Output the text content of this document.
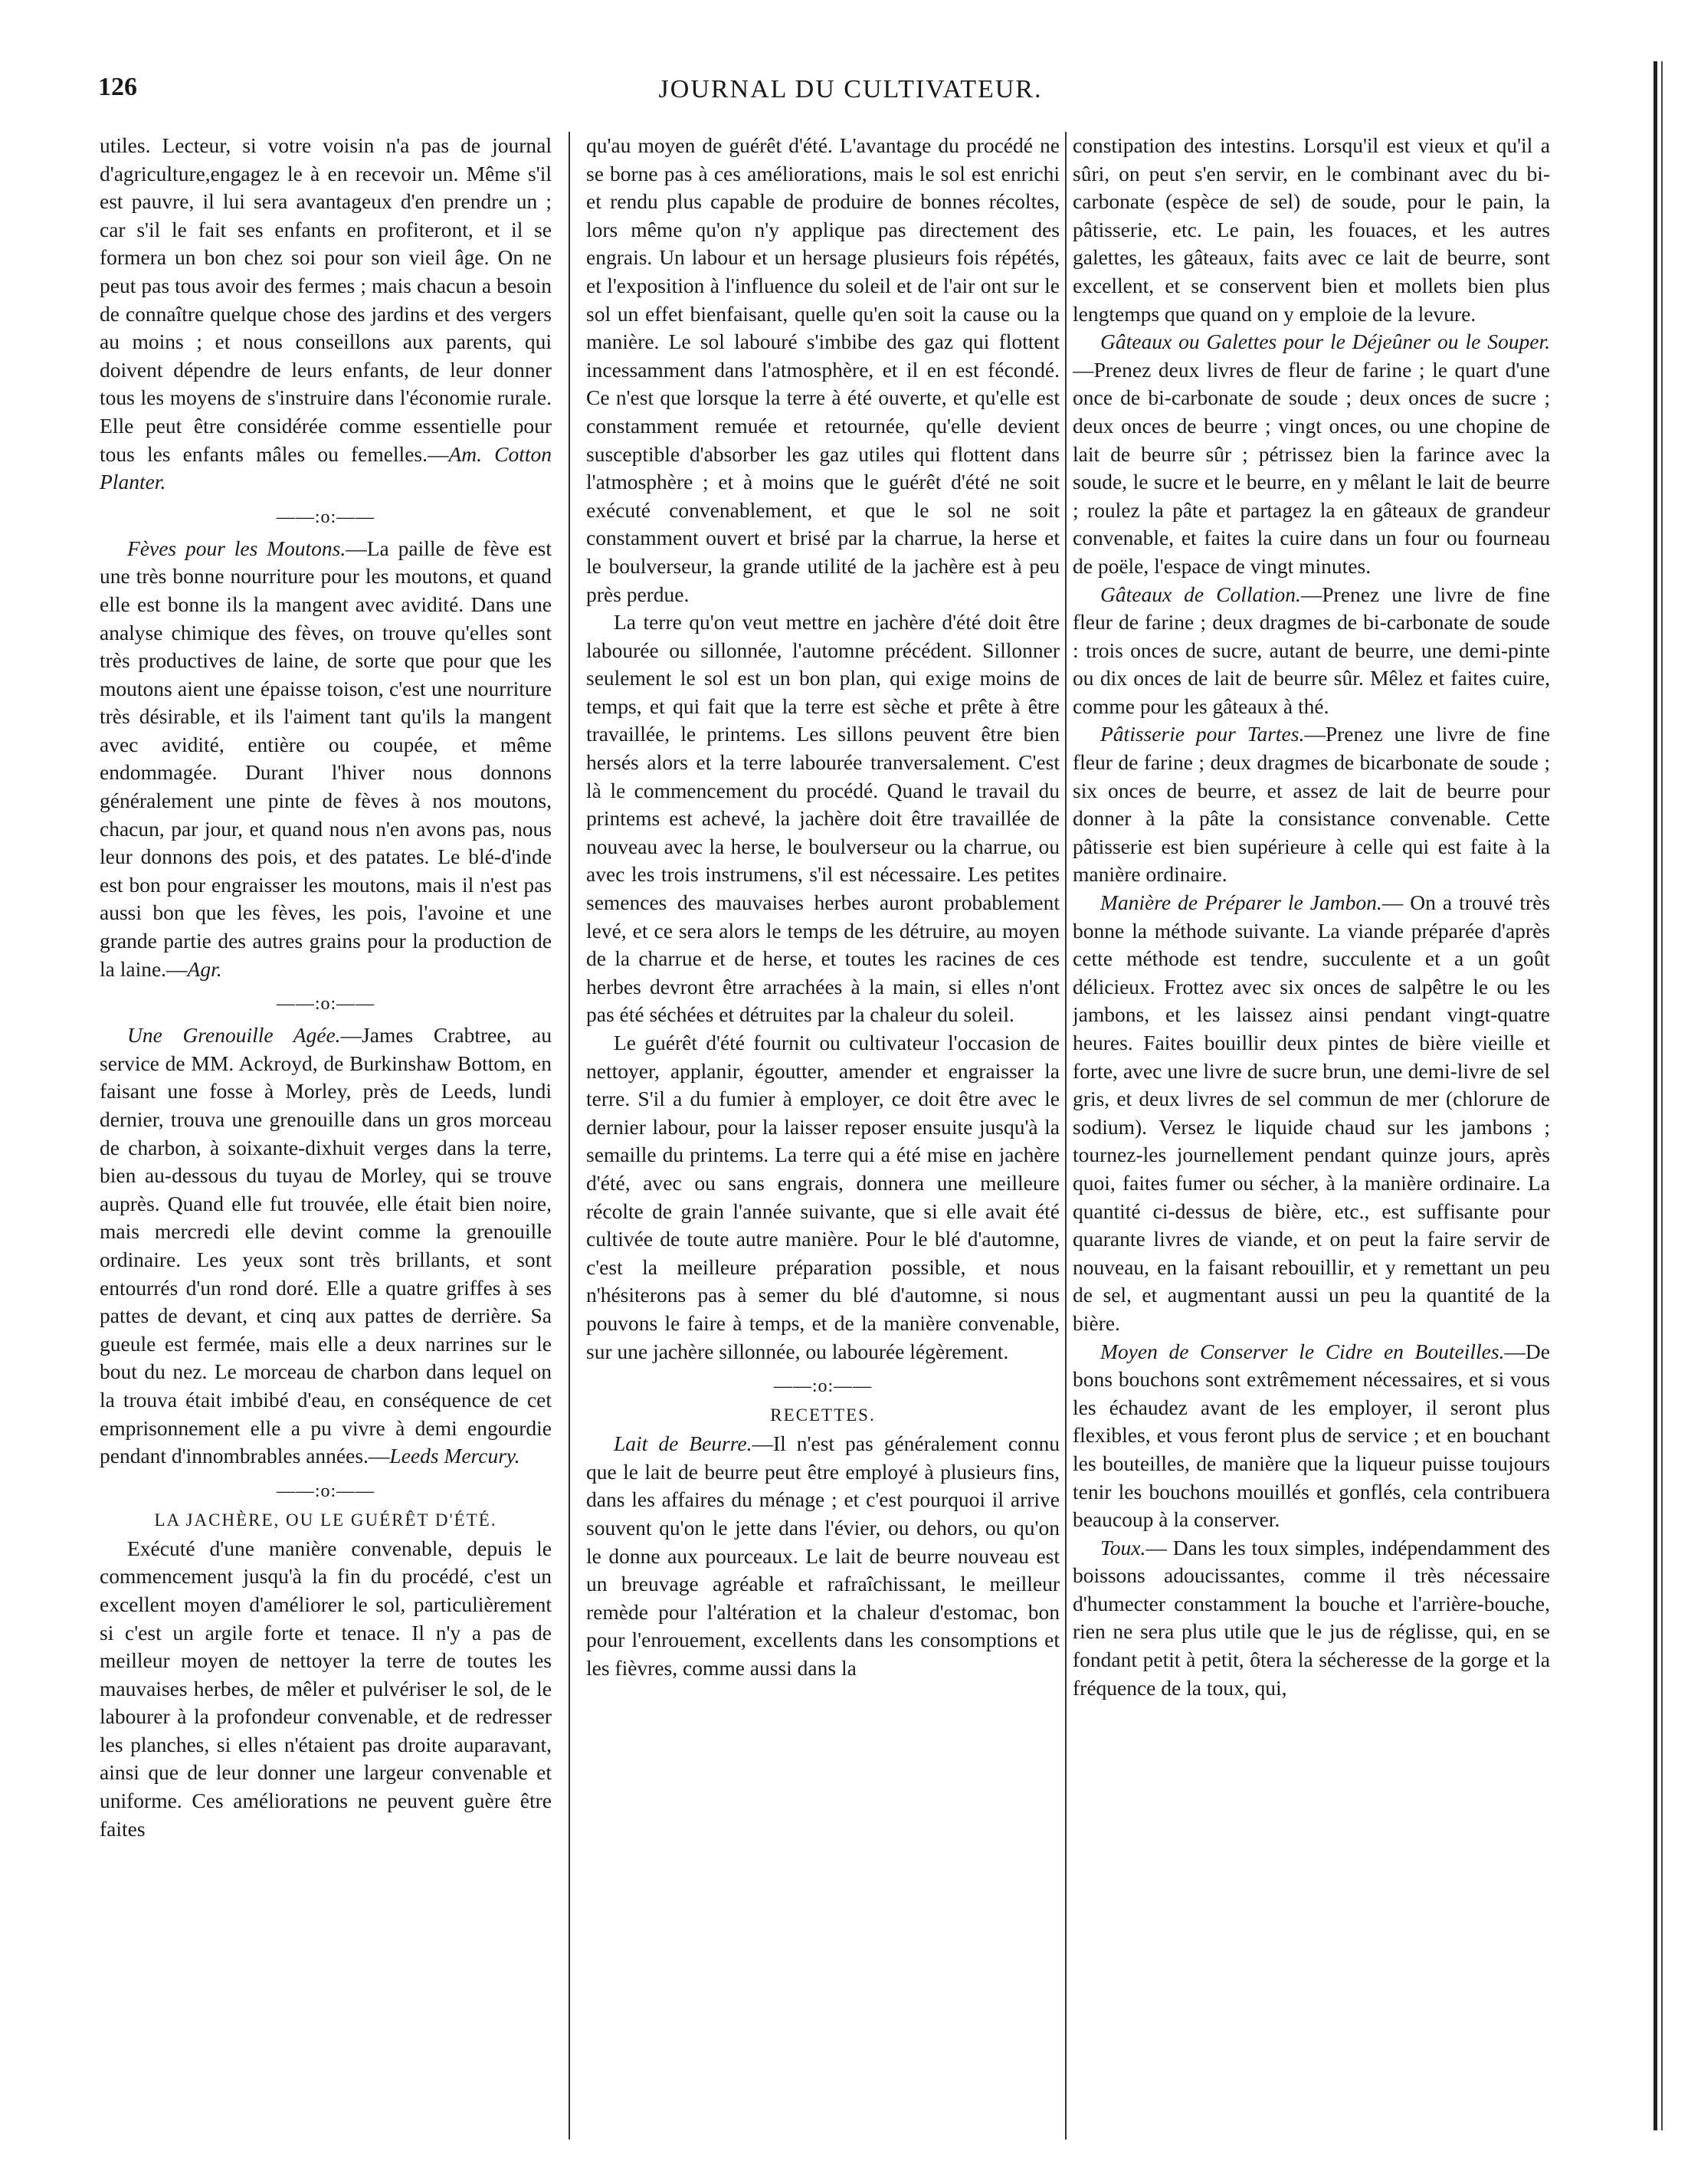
126	JOURNAL DU CULTIVATEUR.

utiles. Lecteur, si votre voisin n'a pas de journal d'agriculture,engagez le à en recevoir un. Même s'il est pauvre, il lui sera avantageux d'en prendre un ; car s'il le fait ses enfants en profiteront, et il se formera un bon chez soi pour son vieil âge. On ne peut pas tous avoir des fermes ; mais chacun a besoin de connaître quelque chose des jardins et des vergers au moins ; et nous conseillons aux parents, qui doivent dépendre de leurs enfants, de leur donner tous les moyens de s'instruire dans l'économie rurale. Elle peut être considérée comme essentielle pour tous les enfants mâles ou femelles.—Am. Cotton Planter.

——:o:——

Fèves pour les Moutons.—La paille de fève est une très bonne nourriture pour les moutons, et quand elle est bonne ils la mangent avec avidité. Dans une analyse chimique des fèves, on trouve qu'elles sont très productives de laine, de sorte que pour que les moutons aient une épaisse toison, c'est une nourriture très désirable, et ils l'aiment tant qu'ils la mangent avec avidité, entière ou coupée, et même endommagée. Durant l'hiver nous donnons généralement une pinte de fèves à nos moutons, chacun, par jour, et quand nous n'en avons pas, nous leur donnons des pois, et des patates. Le blé-d'inde est bon pour engraisser les moutons, mais il n'est pas aussi bon que les fèves, les pois, l'avoine et une grande partie des autres grains pour la production de la laine.—Agr.

——:o:——

Une Grenouille Agée.—James Crabtree, au service de MM. Ackroyd, de Burkinshaw Bottom, en faisant une fosse à Morley, près de Leeds, lundi dernier, trouva une grenouille dans un gros morceau de charbon, à soixante-dixhuit verges dans la terre, bien au-dessous du tuyau de Morley, qui se trouve auprès. Quand elle fut trouvée, elle était bien noire, mais mercredi elle devint comme la grenouille ordinaire. Les yeux sont très brillants, et sont entourrés d'un rond doré. Elle a quatre griffes à ses pattes de devant, et cinq aux pattes de derrière. Sa gueule est fermée, mais elle a deux narrines sur le bout du nez. Le morceau de charbon dans lequel on la trouva était imbibé d'eau, en conséquence de cet emprisonnement elle a pu vivre à demi engourdie pendant d'innombrables années.—Leeds Mercury.

——:o:——
LA JACHÈRE, OU LE GUÉRÊT D'ÉTÉ.

Exécuté d'une manière convenable, depuis le commencement jusqu'à la fin du procédé, c'est un excellent moyen d'améliorer le sol, particulièrement si c'est un argile forte et tenace. Il n'y a pas de meilleur moyen de nettoyer la terre de toutes les mauvaises herbes, de mêler et pulvériser le sol, de le labourer à la profondeur convenable, et de redresser les planches, si elles n'étaient pas droite auparavant, ainsi que de leur donner une largeur convenable et uniforme. Ces améliorations ne peuvent guère être faites

qu'au moyen de guérêt d'été. L'avantage du procédé ne se borne pas à ces améliorations, mais le sol est enrichi et rendu plus capable de produire de bonnes récoltes, lors même qu'on n'y applique pas directement des engrais. Un labour et un hersage plusieurs fois répétés, et l'exposition à l'influence du soleil et de l'air ont sur le sol un effet bienfaisant, quelle qu'en soit la cause ou la manière. Le sol labouré s'imbibe des gaz qui flottent incessamment dans l'atmosphère, et il en est fécondé. Ce n'est que lorsque la terre à été ouverte, et qu'elle est constamment remuée et retournée, qu'elle devient susceptible d'absorber les gaz utiles qui flottent dans l'atmosphère ; et à moins que le guérêt d'été ne soit exécuté convenablement, et que le sol ne soit constamment ouvert et brisé par la charrue, la herse et le boulverseur, la grande utilité de la jachère est à peu près perdue.

La terre qu'on veut mettre en jachère d'été doit être labourée ou sillonnée, l'automne précédent. Sillonner seulement le sol est un bon plan, qui exige moins de temps, et qui fait que la terre est sèche et prête à être travaillée, le printems. Les sillons peuvent être bien hersés alors et la terre labourée tranversalement. C'est là le commencement du procédé. Quand le travail du printems est achevé, la jachère doit être travaillée de nouveau avec la herse, le boulverseur ou la charrue, ou avec les trois instrumens, s'il est nécessaire. Les petites semences des mauvaises herbes auront probablement levé, et ce sera alors le temps de les détruire, au moyen de la charrue et de herse, et toutes les racines de ces herbes devront être arrachées à la main, si elles n'ont pas été séchées et détruites par la chaleur du soleil.

Le guérêt d'été fournit ou cultivateur l'occasion de nettoyer, applanir, égoutter, amender et engraisser la terre. S'il a du fumier à employer, ce doit être avec le dernier labour, pour la laisser reposer ensuite jusqu'à la semaille du printems. La terre qui a été mise en jachère d'été, avec ou sans engrais, donnera une meilleure récolte de grain l'année suivante, que si elle avait été cultivée de toute autre manière. Pour le blé d'automne, c'est la meilleure préparation possible, et nous n'hésiterons pas à semer du blé d'automne, si nous pouvons le faire à temps, et de la manière convenable, sur une jachère sillonnée, ou labourée légèrement.

——:o:——
RECETTES.

Lait de Beurre.—Il n'est pas généralement connu que le lait de beurre peut être employé à plusieurs fins, dans les affaires du ménage ; et c'est pourquoi il arrive souvent qu'on le jette dans l'évier, ou dehors, ou qu'on le donne aux pourceaux. Le lait de beurre nouveau est un breuvage agréable et rafraîchissant, le meilleur remède pour l'altération et la chaleur d'estomac, bon pour l'enrouement, excellents dans les consomptions et les fièvres, comme aussi dans la

constipation des intestins. Lorsqu'il est vieux et qu'il a sûri, on peut s'en servir, en le combinant avec du bi-carbonate (espèce de sel) de soude, pour le pain, la pâtisserie, etc. Le pain, les fouaces, et les autres galettes, les gâteaux, faits avec ce lait de beurre, sont excellent, et se conservent bien et mollets bien plus lengtemps que quand on y emploie de la levure.

Gâteaux ou Galettes pour le Déjeûner ou le Souper.—Prenez deux livres de fleur de farine ; le quart d'une once de bi-carbonate de soude ; deux onces de sucre ; deux onces de beurre ; vingt onces, ou une chopine de lait de beurre sûr ; pétrissez bien la farince avec la soude, le sucre et le beurre, en y mêlant le lait de beurre ; roulez la pâte et partagez la en gâteaux de grandeur convenable, et faites la cuire dans un four ou fourneau de poële, l'espace de vingt minutes.

Gâteaux de Collation.—Prenez une livre de fine fleur de farine ; deux dragmes de bi-carbonate de soude : trois onces de sucre, autant de beurre, une demi-pinte ou dix onces de lait de beurre sûr. Mêlez et faites cuire, comme pour les gâteaux à thé.

Pâtisserie pour Tartes.—Prenez une livre de fine fleur de farine ; deux dragmes de bicarbonate de soude ; six onces de beurre, et assez de lait de beurre pour donner à la pâte la consistance convenable. Cette pâtisserie est bien supérieure à celle qui est faite à la manière ordinaire.

Manière de Préparer le Jambon.— On a trouvé très bonne la méthode suivante. La viande préparée d'après cette méthode est tendre, succulente et a un goût délicieux. Frottez avec six onces de salpêtre le ou les jambons, et les laissez ainsi pendant vingt-quatre heures. Faites bouillir deux pintes de bière vieille et forte, avec une livre de sucre brun, une demi-livre de sel gris, et deux livres de sel commun de mer (chlorure de sodium). Versez le liquide chaud sur les jambons ; tournez-les journellement pendant quinze jours, après quoi, faites fumer ou sécher, à la manière ordinaire. La quantité ci-dessus de bière, etc., est suffisante pour quarante livres de viande, et on peut la faire servir de nouveau, en la faisant rebouillir, et y remettant un peu de sel, et augmentant aussi un peu la quantité de la bière.

Moyen de Conserver le Cidre en Bouteilles.—De bons bouchons sont extrêmement nécessaires, et si vous les échaudez avant de les employer, il seront plus flexibles, et vous feront plus de service ; et en bouchant les bouteilles, de manière que la liqueur puisse toujours tenir les bouchons mouillés et gonflés, cela contribuera beaucoup à la conserver.

Toux.— Dans les toux simples, indépendamment des boissons adoucissantes, comme il très nécessaire d'humecter constamment la bouche et l'arrière-bouche, rien ne sera plus utile que le jus de réglisse, qui, en se fondant petit à petit, ôtera la sécheresse de la gorge et la fréquence de la toux, qui,
